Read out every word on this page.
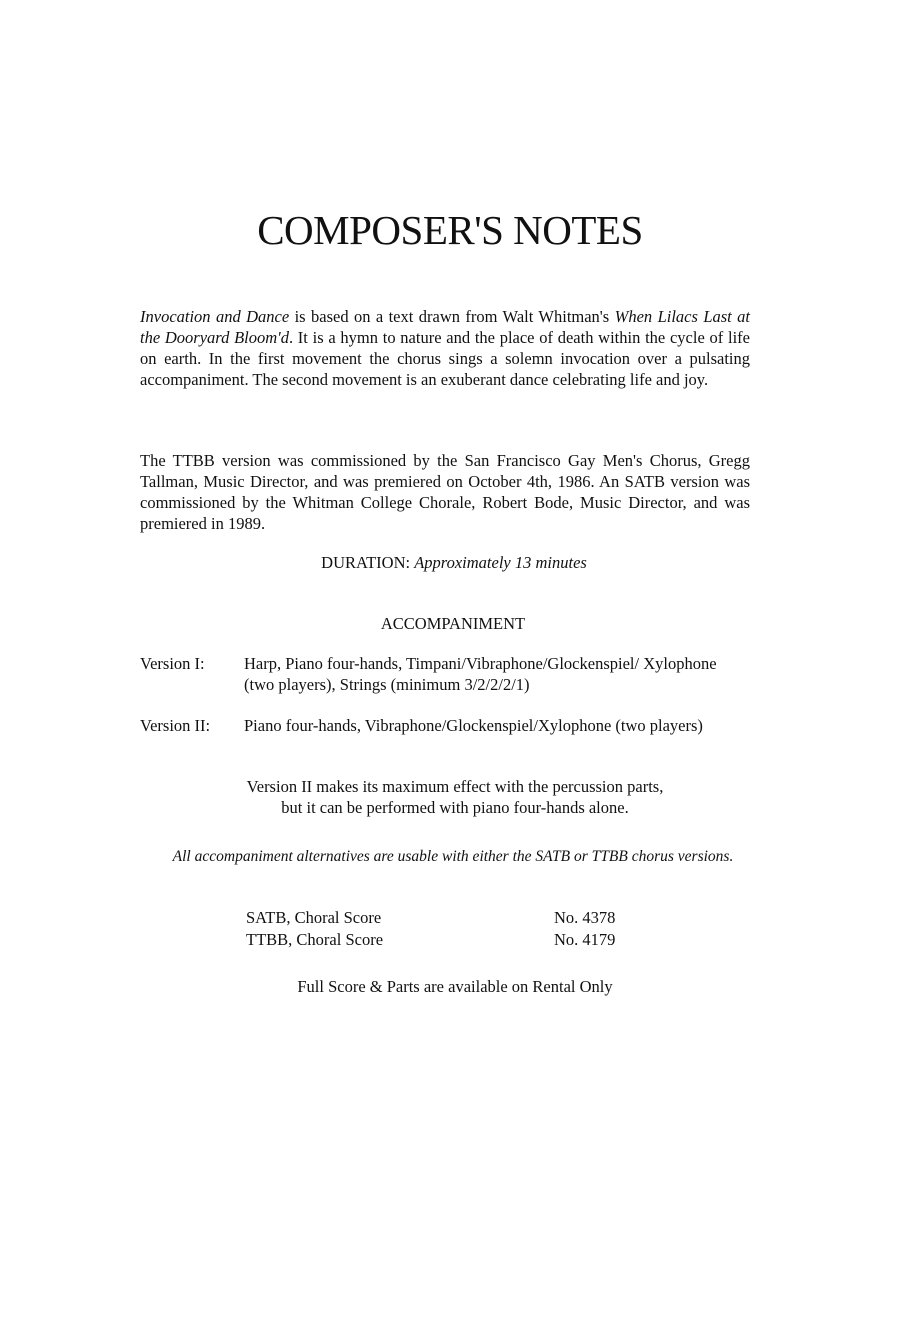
COMPOSER'S NOTES

Invocation and Dance is based on a text drawn from Walt Whitman's When Lilacs Last at the Dooryard Bloom'd. It is a hymn to nature and the place of death within the cycle of life on earth. In the first movement the chorus sings a solemn invocation over a pulsating accompaniment. The second movement is an exuberant dance celebrating life and joy.

The TTBB version was commissioned by the San Francisco Gay Men's Chorus, Gregg Tallman, Music Director, and was premiered on October 4th, 1986. An SATB version was commissioned by the Whitman College Chorale, Robert Bode, Music Director, and was premiered in 1989.

DURATION: Approximately 13 minutes
ACCOMPANIMENT
Version I: Harp, Piano four-hands, Timpani/Vibraphone/Glockenspiel/ Xylophone (two players), Strings (minimum 3/2/2/2/1)
Version II: Piano four-hands, Vibraphone/Glockenspiel/Xylophone (two players)
Version II makes its maximum effect with the percussion parts,
but it can be performed with piano four-hands alone.
All accompaniment alternatives are usable with either the SATB or TTBB chorus versions.
SATB, Choral Score	No. 4378
TTBB, Choral Score	No. 4179
Full Score & Parts are available on Rental Only
